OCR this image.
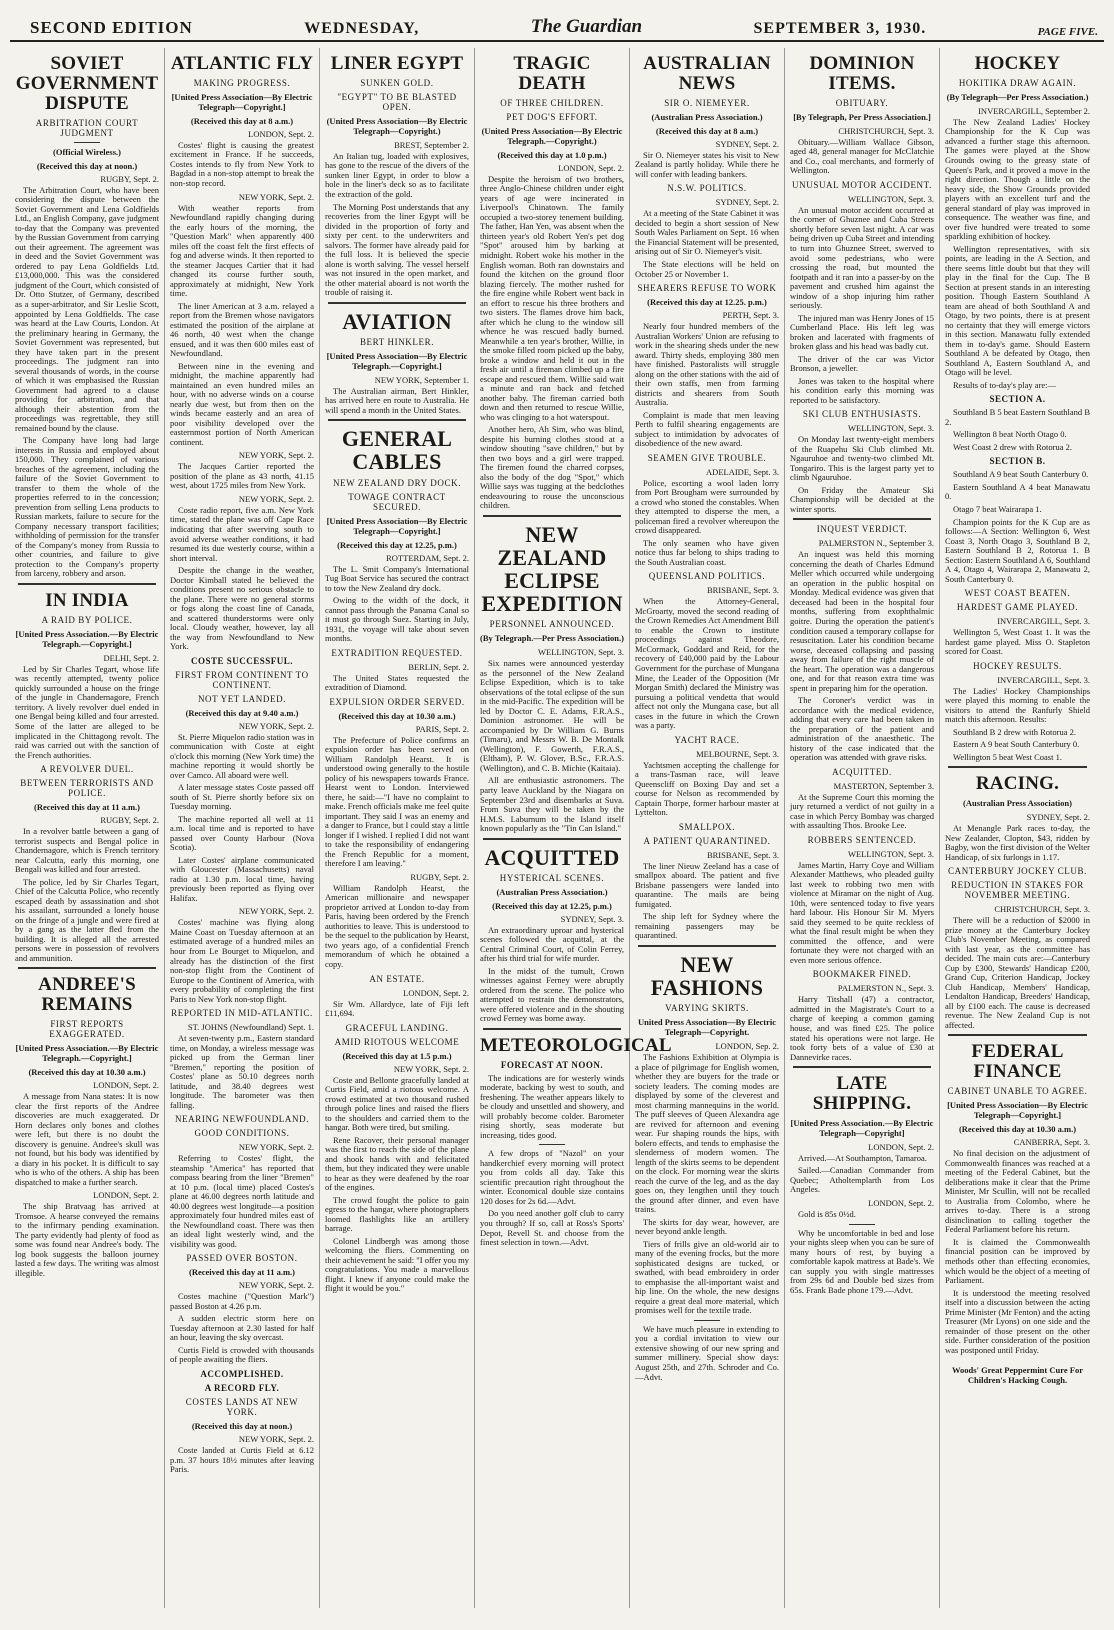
SECOND EDITION	WEDNESDAY,	The Guardian	SEPTEMBER 3, 1930.	PAGE FIVE.
SOVIET GOVERNMENT DISPUTE
ARBITRATION COURT JUDGMENT
(Official Wireless.)
(Received this day at noon.)
RUGBY, Sept. 2.

The Arbitration Court, who have been considering the dispute between the Soviet Government and Lena Goldfields Ltd., an English Company, gave judgment to-day that the Company was prevented by the Russian Government from carrying out their agreement. The agreement was in deed and the Soviet Government was ordered to pay Lena Goldfields Ltd. £13,000,000. This was the considered judgment of the Court, which consisted of Dr. Otto Stutzer, of Germany, described as a super-arbitrator, and Sir Leslie Scott, appointed by Lena Goldfields. The case was heard at the Law Courts, London. At the preliminary hearing in Germany, the Soviet Government was represented, but they have taken part in the present proceedings. The judgment ran into several thousands of words, in the course of which it was emphasised the Russian Government had agreed to a clause providing for arbitration, and that although their abstention from the proceedings was regrettable, they still remained bound by the clause.

The Company have long had large interests in Russia and employed about 150,000. They complained of various breaches of the agreement, including the failure of the Soviet Government to transfer to them the whole of the properties referred to in the concession; prevention from selling Lena products to Russian markets, failure to secure for the Company necessary transport facilities; withholding of permission for the transfer of the Company's money from Russia to other countries, and failure to give protection to the Company's property from larceny, robbery and arson.

IN INDIA
A RAID BY POLICE.
[United Press Association.—By Electric Telegraph.—Copyright.]
DELHI, Sept. 2.

Led by Sir Charles Tegart, whose life was recently attempted, twenty police quickly surrounded a house on the fringe of the jungle in Chandernagore, French territory. A lively revolver duel ended in one Bengal being killed and four arrested. Some of the latter are alleged to be implicated in the Chittagong revolt. The raid was carried out with the sanction of the French authorities.

A REVOLVER DUEL.
BETWEEN TERRORISTS AND POLICE.
(Received this day at 11 a.m.)
RUGBY, Sept. 2.

In a revolver battle between a gang of terrorist suspects and Bengal police in Chandernagore, which is French territory near Calcutta, early this morning, one Bengali was killed and four arrested.

The police, led by Sir Charles Tegart, Chief of the Calcutta Police, who recently escaped death by assassination and shot his assailant, surrounded a lonely house on the fringe of a jungle and were fired at by a gang as the latter fled from the building. It is alleged all the arrested persons were in possession of revolvers and ammunition.

ANDREE'S REMAINS
FIRST REPORTS EXAGGERATED.
[United Press Association.—By Electric Telegraph.—Copyright.]
(Received this day at 10.30 a.m.)
LONDON, Sept. 2.

A message from Nana states: It is now clear the first reports of the Andree discoveries are much exaggerated. Dr Horn declares only bones and clothes were left, but there is no doubt the discovery is genuine. Andree's skull was not found, but his body was identified by a diary in his pocket. It is difficult to say who is who of the others. A ship has been dispatched to make a further search.

LONDON, Sept. 2.

The ship Bratvaag has arrived at Tromsoe. A hearse conveyed the remains to the infirmary pending examination. The party evidently had plenty of food as some was found near Andree's body. The log book suggests the balloon journey lasted a few days. The writing was almost illegible.

ATLANTIC FLY
MAKING PROGRESS.
[United Press Association—By Electric Telegraph—Copyright.]
(Received this day at 8 a.m.)
LONDON, Sept. 2.

Costes' flight is causing the greatest excitement in France. If he succeeds, Costes intends to fly from New York to Bagdad in a non-stop attempt to break the non-stop record.

NEW YORK, Sept. 2.

With weather reports from Newfoundland rapidly changing during the early hours of the morning, the "Question Mark" when apparently 400 miles off the coast felt the first effects of fog and adverse winds. It then reported to the steamer Jacques Cartier that it had changed its course further south, approximately at midnight, New York time.

The liner American at 3 a.m. relayed a report from the Bremen whose navigators estimated the position of the airplane at 46 north, 40 west when the change ensued, and it was then 600 miles east of Newfoundland.

Between nine in the evening and midnight, the machine apparently had maintained an even hundred miles an hour, with no adverse winds on a course nearly due west, but from then on the winds became easterly and an area of poor visibility developed over the easternmost portion of North American continent.

NEW YORK, Sept. 2.

The Jacques Cartier reported the position of the plane as 43 north, 41.15 west, about 1725 miles from New York.

NEW YORK, Sept. 2.

Coste radio report, five a.m. New York time, stated the plane was off Cape Race indicating that after swerving south to avoid adverse weather conditions, it had resumed its due westerly course, within a short interval.

Despite the change in the weather, Doctor Kimball stated he believed the conditions present no serious obstacle to the plane. There were no general storms or fogs along the coast line of Canada, and scattered thunderstorms were only local. Cloudy weather, however, lay all the way from Newfoundland to New York.

COSTE SUCCESSFUL.
FIRST FROM CONTINENT TO CONTINENT.
NOT YET LANDED.
(Received this day at 9.40 a.m.)
NEW YORK, Sept. 2.

St. Pierre Miquelon radio station was in communication with Coste at eight o'clock this morning (New York time) the machine reporting it would shortly be over Camco. All aboard were well.

A later message states Coste passed off south of St. Pierre shortly before six on Tuesday morning.

The machine reported all well at 11 a.m. local time and is reported to have passed over County Harbour (Nova Scotia).

Later Costes' airplane communicated with Gloucester (Massachusetts) naval radio at 1.30 p.m. local time, having previously been reported as flying over Halifax.

NEW YORK, Sept. 2.

Costes' machine was flying along Maine Coast on Tuesday afternoon at an estimated average of a hundred miles an hour from Le Bourget to Miquelon, and already has the distinction of the first non-stop flight from the Continent of Europe to the Continent of America, with every probability of completing the first Paris to New York non-stop flight.

REPORTED IN MID-ATLANTIC.
ST. JOHNS (Newfoundland) Sept. 1.

At seven-twenty p.m., Eastern standard time, on Monday, a wireless message was picked up from the German liner "Bremen," reporting the position of Costes' plane as 50.10 degrees north latitude, and 38.40 degrees west longitude. The barometer was then falling.

NEARING NEWFOUNDLAND.
GOOD CONDITIONS.
NEW YORK, Sept. 2.

Referring to Costes' flight, the steamship "America" has reported that compass bearing from the liner "Bremen" at 10 p.m. (local time) placed Costes's plane at 46.00 degrees north latitude and 40.00 degrees west longitude—a position approximately four hundred miles east of the Newfoundland coast. There was then an ideal light westerly wind, and the visibility was good.

PASSED OVER BOSTON.
(Received this day at 11 a.m.)
NEW YORK, Sept. 2.

Costes machine ("Question Mark") passed Boston at 4.26 p.m.

A sudden electric storm here on Tuesday afternoon at 2.30 lasted for half an hour, leaving the sky overcast.

Curtis Field is crowded with thousands of people awaiting the fliers.

ACCOMPLISHED.
A RECORD FLY.
COSTES LANDS AT NEW YORK.
(Received this day at noon.)
NEW YORK, Sept. 2.

Coste landed at Curtis Field at 6.12 p.m. 37 hours 18½ minutes after leaving Paris.

LINER EGYPT
SUNKEN GOLD.
"EGYPT" TO BE BLASTED OPEN.
(United Press Association—By Electric Telegraph—Copyright.)
BREST, September 2.

An Italian tug, loaded with explosives, has gone to the rescue of the divers of the sunken liner Egypt, in order to blow a hole in the liner's deck so as to facilitate the extraction of the gold.

The Morning Post understands that any recoveries from the liner Egypt will be divided in the proportion of forty and sixty per cent. to the underwriters and salvors. The former have already paid for the full loss. It is believed the specie alone is worth salving. The vessel herself was not insured in the open market, and the other material aboard is not worth the trouble of raising it.

AVIATION
BERT HINKLER.
[United Press Association—By Electric Telegraph.—Copyright.]
NEW YORK, September 1.

The Australian airman, Bert Hinkler, has arrived here en route to Australia. He will spend a month in the United States.

GENERAL CABLES
NEW ZEALAND DRY DOCK.
TOWAGE CONTRACT SECURED.
[United Press Association—By Electric Telegraph—Copyright.]
(Received this day at 12.25, p.m.)
ROTTERDAM, Sept. 2.

The L. Smit Company's International Tug Boat Service has secured the contract to tow the New Zealand dry dock.

Owing to the width of the dock, it cannot pass through the Panama Canal so it must go through Suez. Starting in July, 1931, the voyage will take about seven months.

EXTRADITION REQUESTED.
BERLIN, Sept. 2.

The United States requested the extradition of Diamond.

EXPULSION ORDER SERVED.
(Received this day at 10.30 a.m.)
PARIS, Sept. 2.

The Prefecture of Police confirms an expulsion order has been served on William Randolph Hearst. It is understood owing generally to the hostile policy of his newspapers towards France. Hearst went to London. Interviewed there, he said:—"I have no complaint to make. French officials make me feel quite important. They said I was an enemy and a danger to France, but I could stay a little longer if I wished. I replied I did not want to take the responsibility of endangering the French Republic for a moment, therefore I am leaving."

RUGBY, Sept. 2.

William Randolph Hearst, the American millionaire and newspaper proprietor arrived at London to-day from Paris, having been ordered by the French authorities to leave. This is understood to be the sequel to the publication by Hearst, two years ago, of a confidential French memorandum of which he obtained a copy.

AN ESTATE.
LONDON, Sept. 2.

Sir Wm. Allardyce, late of Fiji left £11,694.

GRACEFUL LANDING.
AMID RIOTOUS WELCOME
(Received this day at 1.5 p.m.)
NEW YORK, Sept. 2.

Coste and Bellonte gracefully landed at Curtis Field, amid a riotous welcome. A crowd estimated at two thousand rushed through police lines and raised the fliers to the shoulders and carried them to the hangar. Both were tired, but smiling.

Rene Racover, their personal manager was the first to reach the side of the plane and shook hands with and felicitated them, but they indicated they were unable to hear as they were deafened by the roar of the engines.

The crowd fought the police to gain egress to the hangar, where photographers loomed flashlights like an artillery barrage.

Colonel Lindbergh was among those welcoming the fliers. Commenting on their achievement he said: "I offer you my congratulations. You made a marvellous flight. I knew if anyone could make the flight it would be you."

TRAGIC DEATH
OF THREE CHILDREN.
PET DOG'S EFFORT.
(United Press Association—By Electric Telegraph.—Copyright.)
(Received this day at 1.0 p.m.)
LONDON, Sept. 2.

Despite the heroism of two brothers, three Anglo-Chinese children under eight years of age were incinerated in Liverpool's Chinatown. The family occupied a two-storey tenement building. The father, Han Yen, was absent when the thirteen year's old Robert Yen's pet dog "Spot" aroused him by barking at midnight. Robert woke his mother in the English woman. Both ran downstairs and found the kitchen on the ground floor blazing fiercely. The mother rushed for the fire engine while Robert went back in an effort to rescue his three brothers and two sisters. The flames drove him back, after which he clung to the window sill whence he was rescued badly burned. Meanwhile a ten year's brother, Willie, in the smoke filled room picked up the baby, broke a window and held it out in the fresh air until a fireman climbed up a fire escape and rescued them. Willie said wait a minute and ran back and fetched another baby. The fireman carried both down and then returned to rescue Willie, who was clinging to a hot waterspout.

Another hero, Ah Sim, who was blind, despite his burning clothes stood at a window shouting "save children," but by then two boys and a girl were trapped. The firemen found the charred corpses, also the body of the dog "Spot," which Willie says was tugging at the bedclothes endeavouring to rouse the unconscious children.

NEW ZEALAND ECLIPSE EXPEDITION
PERSONNEL ANNOUNCED.
(By Telegraph.—Per Press Association.)
WELLINGTON, Sept. 3.

Six names were announced yesterday as the personnel of the New Zealand Eclipse Expedition, which is to take observations of the total eclipse of the sun in the mid-Pacific. The expedition will be led by Doctor C. E. Adams, F.R.A.S., Dominion astronomer. He will be accompanied by Dr William G. Burns (Timaru), and Messrs W. B. De Montalk (Wellington), F. Gowerth, F.R.A.S., (Eltham), P. W. Glover, B.Sc., F.R.A.S. (Wellington), and C. B. Michie (Kaitaia).

All are enthusiastic astronomers. The party leave Auckland by the Niagara on September 23rd and disembarks at Suva. From Suva they will be taken by the H.M.S. Laburnum to the Island itself known popularly as the "Tin Can Island."

ACQUITTED
HYSTERICAL SCENES.
(Australian Press Association.)
(Received this day at 12.25, p.m.)
SYDNEY, Sept. 3.

An extraordinary uproar and hysterical scenes followed the acquittal, at the Central Criminal Court, of Colin Ferrey, after his third trial for wife murder.

In the midst of the tumult, Crown witnesses against Ferney were abruptly ordered from the scene. The police who attempted to restrain the demonstrators, were offered violence and in the shouting crowd Ferney was borne away.

METEOROLOGICAL
FORECAST AT NOON.

The indications are for westerly winds moderate, backing by west to south, and freshening. The weather appears likely to be cloudy and unsettled and showery, and will probably become colder. Barometer rising shortly, seas moderate but increasing, tides good.

A few drops of "Nazol" on your handkerchief every morning will protect you from colds all day. Take this scientific precaution right throughout the winter. Economical double size contains 120 doses for 2s 6d.—Advt.

Do you need another golf club to carry you through? If so, call at Ross's Sports' Depot, Revell St. and choose from the finest selection in town.—Advt.

AUSTRALIAN NEWS
SIR O. NIEMEYER.
(Australian Press Association.)
(Received this day at 8 a.m.)
SYDNEY, Sept. 2.

Sir O. Niemeyer states his visit to New Zealand is partly holiday. While there he will confer with leading bankers.

N.S.W. POLITICS.
SYDNEY, Sept. 2.

At a meeting of the State Cabinet it was decided to begin a short session of New South Wales Parliament on Sept. 16 when the Financial Statement will be presented, arising out of Sir O. Niemeyer's visit.

The State elections will be held on October 25 or November 1.

SHEARERS REFUSE TO WORK
(Received this day at 12.25. p.m.)
PERTH, Sept. 3.

Nearly four hundred members of the Australian Workers' Union are refusing to work in the shearing sheds under the new award. Thirty sheds, employing 380 men have finished. Pastoralists will struggle along on the other stations with the aid of their own staffs, men from farming districts and shearers from South Australia.

Complaint is made that men leaving Perth to fulfil shearing engagements are subject to intimidation by advocates of disobedience of the new award.

SEAMEN GIVE TROUBLE.
ADELAIDE, Sept. 3.

Police, escorting a wool laden lorry from Port Brougham were surrounded by a crowd who stoned the constables. When they attempted to disperse the men, a policeman fired a revolver whereupon the crowd disappeared.

The only seamen who have given notice thus far belong to ships trading to the South Australian coast.

QUEENSLAND POLITICS.
BRISBANE, Sept. 3.

When the Attorney-General, McGroarty, moved the second reading of the Crown Remedies Act Amendment Bill to enable the Crown to institute proceedings against Theodore, McCormack, Goddard and Reid, for the recovery of £40,000 paid by the Labour Government for the purchase of Mungana Mine, the Leader of the Opposition (Mr Morgan Smith) declared the Ministry was pursuing a political vendetta that would affect not only the Mungana case, but all cases in the future in which the Crown was a party.

YACHT RACE.
MELBOURNE, Sept. 3.

Yachtsmen accepting the challenge for a trans-Tasman race, will leave Queenscliff on Boxing Day and set a course for Nelson as recommended by Captain Thorpe, former harbour master at Lyttelton.

SMALLPOX.
A PATIENT QUARANTINED.
BRISBANE, Sept. 3.

The liner Nieuw Zeeland has a case of smallpox aboard. The patient and five Brisbane passengers were landed into quarantine. The mails are being fumigated.

The ship left for Sydney where the remaining passengers may be quarantined.

NEW FASHIONS
VARYING SKIRTS.
United Press Association—By Electric Telegraph—Copyright.
LONDON, Sep. 2.

The Fashions Exhibition at Olympia is a place of pilgrimage for English women, whether they are buyers for the trade or society leaders. The coming modes are displayed by some of the cleverest and most charming mannequins in the world. The puff sleeves of Queen Alexandra age are revived for afternoon and evening wear. Fur shaping rounds the hips, with bolero effects, and tends to emphasise the slenderness of modern women. The length of the skirts seems to be dependent on the clock. For morning wear the skirts reach the curve of the leg, and as the day goes on, they lengthen until they touch the ground after dinner, and even have trains.

The skirts for day wear, however, are never beyond ankle length.

Tiers of frills give an old-world air to many of the evening frocks, but the more sophisticated designs are tucked, or swathed, with bead embroidery in order to emphasise the all-important waist and hip line. On the whole, the new designs require a great deal more material, which promises well for the textile trade.

We have much pleasure in extending to you a cordial invitation to view our extensive showing of our new spring and summer millinery. Special show days: August 25th, and 27th. Schroder and Co.—Advt.

DOMINION ITEMS.
OBITUARY.
[By Telegraph, Per Press Association.]
CHRISTCHURCH, Sept. 3.

Obituary.—William Wallace Gibson, aged 48, general manager for McClatchie and Co., coal merchants, and formerly of Wellington.

UNUSUAL MOTOR ACCIDENT.
WELLINGTON, Sept. 3.

An unusual motor accident occurred at the corner of Ghuznee and Cuba Streets shortly before seven last night. A car was being driven up Cuba Street and intending to turn into Ghuznee Street, swerved to avoid some pedestrians, who were crossing the road, but mounted the footpath and it ran into a passer-by on the pavement and crushed him against the window of a shop injuring him rather seriously.

The injured man was Henry Jones of 15 Cumberland Place. His left leg was broken and lacerated with fragments of broken glass and his head was badly cut.

The driver of the car was Victor Bronson, a jeweller.

Jones was taken to the hospital where his condition early this morning was reported to be satisfactory.

SKI CLUB ENTHUSIASTS.
WELLINGTON, Sept. 3.

On Monday last twenty-eight members of the Ruapehu Ski Club climbed Mt. Ngauruhoe and twenty-two climbed Mt. Tongariro. This is the largest party yet to climb Ngauruhoe.

On Friday the Amateur Ski Championship will be decided at the winter sports.

INQUEST VERDICT.
PALMERSTON N., September 3.

An inquest was held this morning concerning the death of Charles Edmund Meller which occurred while undergoing an operation in the public hospital on Monday. Medical evidence was given that deceased had been in the hospital four months, suffering from exophthalmic goitre. During the operation the patient's condition caused a temporary collapse for resuscitation. Later his condition became worse, deceased collapsing and passing away from failure of the right muscle of the heart. The operation was a dangerous one, and for that reason extra time was spent in preparing him for the operation.

The Coroner's verdict was in accordance with the medical evidence, adding that every care had been taken in the preparation of the patient and administration of the anaesthetic. The history of the case indicated that the operation was attended with grave risks.

ACQUITTED.
MASTERTON, September 3.

At the Supreme Court this morning the jury returned a verdict of not guilty in a case in which Percy Bombay was charged with assaulting Thos. Brooke Lee.

ROBBERS SENTENCED.
WELLINGTON, Sept. 3.

James Martin, Harry Coye and William Alexander Matthews, who pleaded guilty last week to robbing two men with violence at Miramar on the night of Aug. 10th, were sentenced today to five years hard labour. His Honour Sir M. Myers said they seemed to be quite reckless of what the final result might be when they committed the offence, and were fortunate they were not charged with an even more serious offence.

BOOKMAKER FINED.
PALMERSTON N., Sept. 3.

Harry Titshall (47) a contractor, admitted in the Magistrate's Court to a charge of keeping a common gaming house, and was fined £25. The police stated his operations were not large. He took forty bets of a value of £30 at Dannevirke races.

LATE SHIPPING.
[United Press Association.—By Electric Telegraph—Copyright]
LONDON, Sept. 2.

Arrived.—At Southampton, Tamaroa.

Sailed.—Canadian Commander from Quebec; Atholtemplarth from Los Angeles.

LONDON, Sept. 2.

Gold is 85s 0½d.

Why be uncomfortable in bed and lose your nights sleep when you can be sure of many hours of rest, by buying a comfortable kapok mattress at Bade's. We can supply you with single mattresses from 29s 6d and Double bed sizes from 65s. Frank Bade phone 179.—Advt.

HOCKEY
HOKITIKA DRAW AGAIN.
(By Telegraph—Per Press Association.)
INVERCARGILL, September 2.

The New Zealand Ladies' Hockey Championship for the K Cup was advanced a further stage this afternoon. The games were played at the Show Grounds owing to the greasy state of Queen's Park, and it proved a move in the right direction. Though a little on the heavy side, the Show Grounds provided players with an excellent turf and the general standard of play was improved in consequence. The weather was fine, and over five hundred were treated to some sparkling exhibition of hockey.

Wellington representatives, with six points, are leading in the A Section, and there seems little doubt but that they will play in the final for the Cup. The B Section at present stands in an interesting position. Though Eastern Southland A team are ahead of both Southland A and Otago, by two points, there is at present no certainty that they will emerge victors in this section. Manawatu fully extended them in to-day's game. Should Eastern Southland A be defeated by Otago, then Southland A, Eastern Southland A, and Otago will be level.

Results of to-day's play are:—

SECTION A.

Southland B 5 beat Eastern Southland B 2.

Wellington 8 beat North Otago 0.

West Coast 2 drew with Rotorua 2.

SECTION B.

Southland A 9 beat South Canterbury 0.

Eastern Southland A 4 beat Manawatu 0.

Otago 7 beat Wairarapa 1.

Champion points for the K Cup are as follows:—A Section: Wellington 6, West Coast 3, North Otago 3, Southland B 2, Eastern Southland B 2, Rotorua 1. B Section: Eastern Southland A 6, Southland A 4, Otago 4, Wairarapa 2, Manawatu 2, South Canterbury 0.

WEST COAST BEATEN.
HARDEST GAME PLAYED.
INVERCARGILL, Sept. 3.

Wellington 5, West Coast 1. It was the hardest game played. Miss O. Stapleton scored for Coast.

HOCKEY RESULTS.
INVERCARGILL, Sept. 3.

The Ladies' Hockey Championships were played this morning to enable the visitors to attend the Ranfurly Shield match this afternoon. Results:

Southland B 2 drew with Rotorua 2.

Eastern A 9 beat South Canterbury 0.

Wellington 5 beat West Coast 1.

RACING.
(Australian Press Association)
SYDNEY, Sept. 2.

At Menangle Park races to-day, the New Zealander, Clopton, $43, ridden by Bagby, won the first division of the Welter Handicap, of six furlongs in 1.17.

CANTERBURY JOCKEY CLUB.
REDUCTION IN STAKES FOR NOVEMBER MEETING.
CHRISTCHURCH, Sept. 3.

There will be a reduction of $2000 in prize money at the Canterbury Jockey Club's November Meeting, as compared with last year, as the committee has decided. The main cuts are:—Canterbury Cup by £300, Stewards' Handicap £200, Grand Cup, Criterion Handicap, Jockey Club Handicap, Members' Handicap, Lendalton Handicap, Breeders' Handicap, all by £100 each. The cause is decreased revenue. The New Zealand Cup is not affected.

FEDERAL FINANCE
CABINET UNABLE TO AGREE.
[United Press Association—By Electric Telegraph—Copyright.]
(Received this day at 10.30 a.m.)
CANBERRA, Sept. 3.

No final decision on the adjustment of Commonwealth finances was reached at a meeting of the Federal Cabinet, but the deliberations make it clear that the Prime Minister, Mr Scullin, will not be recalled to Australia from Colombo, where he arrives to-day. There is a strong disinclination to calling together the Federal Parliament before his return.

It is claimed the Commonwealth financial position can be improved by methods other than effecting economies, which would be the object of a meeting of Parliament.

It is understood the meeting resolved itself into a discussion between the acting Prime Minister (Mr Fenton) and the acting Treasurer (Mr Lyons) on one side and the remainder of those present on the other side. Further consideration of the position was postponed until Friday.

Woods' Great Peppermint Cure For Children's Hacking Cough.
